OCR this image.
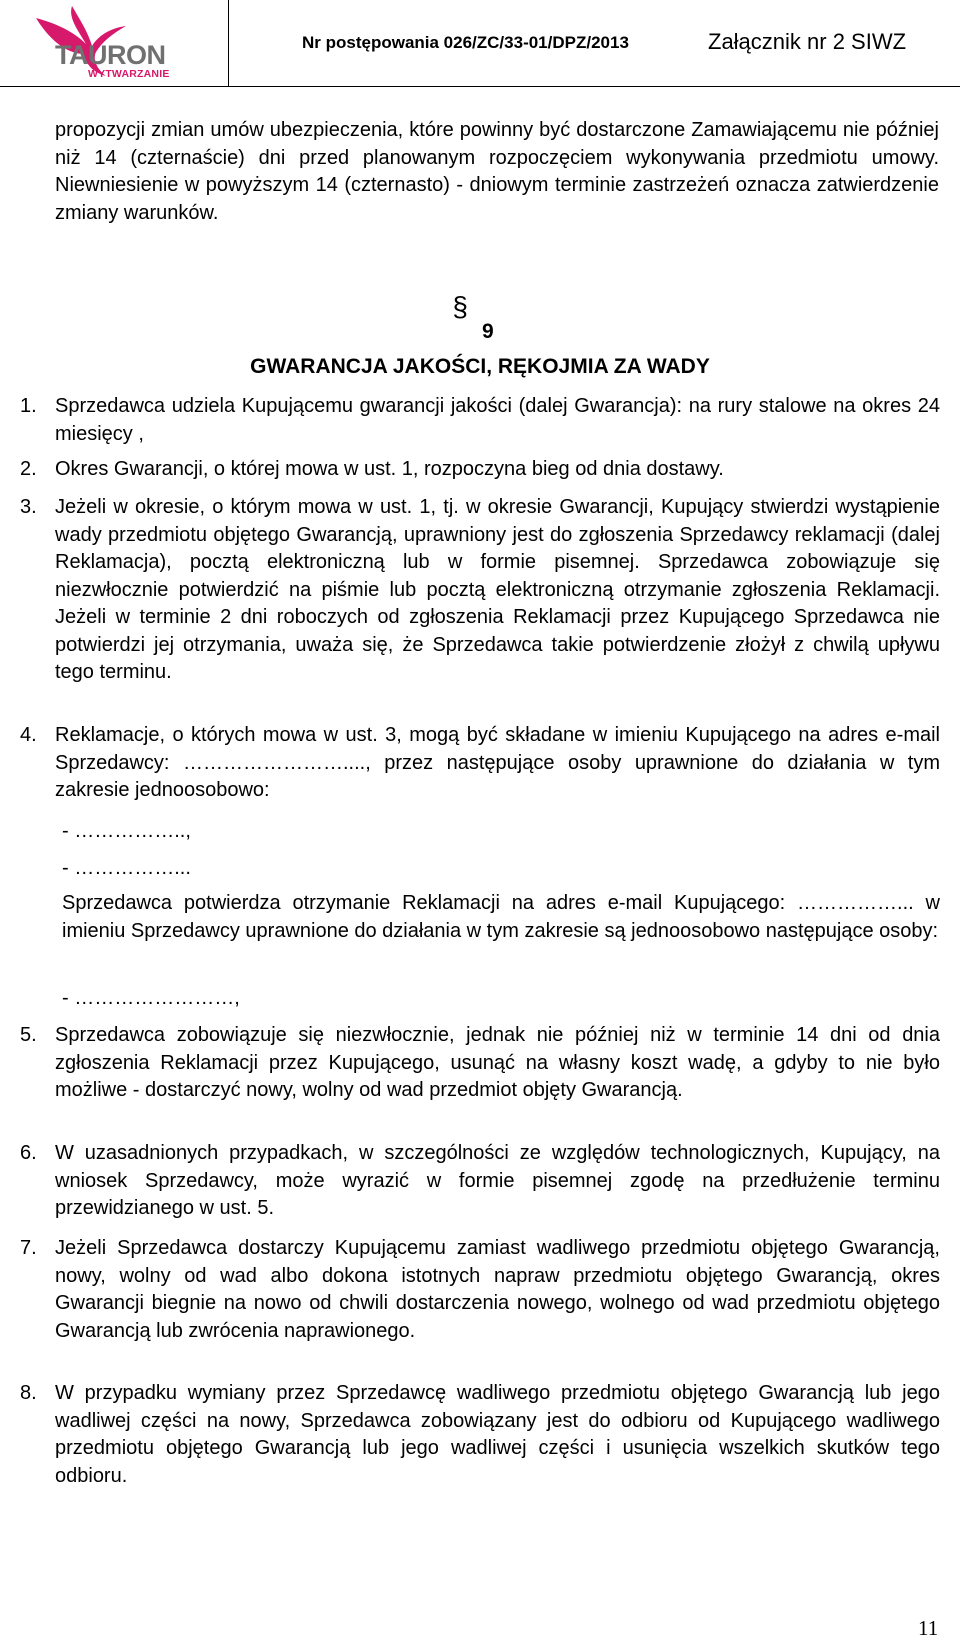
TAURON
WYTWARZANIE
Nr postępowania 026/ZC/33-01/DPZ/2013	Załącznik nr 2 SIWZ
propozycji zmian umów ubezpieczenia, które powinny być dostarczone Zamawiającemu nie później niż 14 (czternaście) dni przed planowanym rozpoczęciem wykonywania przedmiotu umowy. Niewniesienie w powyższym 14 (czternasto) - dniowym terminie zastrzeżeń oznacza zatwierdzenie zmiany warunków.
§9
GWARANCJA JAKOŚCI, RĘKOJMIA ZA WADY
1. Sprzedawca udziela Kupującemu gwarancji jakości (dalej Gwarancja): na rury stalowe na okres 24 miesięcy ,
2. Okres Gwarancji, o której mowa w ust. 1, rozpoczyna bieg od dnia dostawy.
3. Jeżeli w okresie, o którym mowa w ust. 1, tj. w okresie Gwarancji, Kupujący stwierdzi wystąpienie wady przedmiotu objętego Gwarancją, uprawniony jest do zgłoszenia Sprzedawcy reklamacji (dalej Reklamacja), pocztą elektroniczną lub w formie pisemnej. Sprzedawca zobowiązuje się niezwłocznie potwierdzić na piśmie lub pocztą elektroniczną otrzymanie zgłoszenia Reklamacji. Jeżeli w terminie 2 dni roboczych od zgłoszenia Reklamacji przez Kupującego Sprzedawca nie potwierdzi jej otrzymania, uważa się, że Sprzedawca takie potwierdzenie złożył z chwilą upływu tego terminu.
4. Reklamacje, o których mowa w ust. 3, mogą być składane w imieniu Kupującego na adres e-mail Sprzedawcy: ……………………...., przez następujące osoby uprawnione do działania w tym zakresie jednoosobowo:
- ……………..,
- ……………...
Sprzedawca potwierdza otrzymanie Reklamacji na adres e-mail Kupującego: ……………... w imieniu Sprzedawcy uprawnione do działania w tym zakresie są jednoosobowo następujące osoby:
- ……………………,
5. Sprzedawca zobowiązuje się niezwłocznie, jednak nie później niż w terminie 14 dni od dnia zgłoszenia Reklamacji przez Kupującego, usunąć na własny koszt wadę, a gdyby to nie było możliwe - dostarczyć nowy, wolny od wad przedmiot objęty Gwarancją.
6. W uzasadnionych przypadkach, w szczególności ze względów technologicznych, Kupujący, na wniosek Sprzedawcy, może wyrazić w formie pisemnej zgodę na przedłużenie terminu przewidzianego w ust. 5.
7. Jeżeli Sprzedawca dostarczy Kupującemu zamiast wadliwego przedmiotu objętego Gwarancją, nowy, wolny od wad albo dokona istotnych napraw przedmiotu objętego Gwarancją, okres Gwarancji biegnie na nowo od chwili dostarczenia nowego, wolnego od wad przedmiotu objętego Gwarancją lub zwrócenia naprawionego.
8. W przypadku wymiany przez Sprzedawcę wadliwego przedmiotu objętego Gwarancją lub jego wadliwej części na nowy, Sprzedawca zobowiązany jest do odbioru od Kupującego wadliwego przedmiotu objętego Gwarancją lub jego wadliwej części i usunięcia wszelkich skutków tego odbioru.
11
